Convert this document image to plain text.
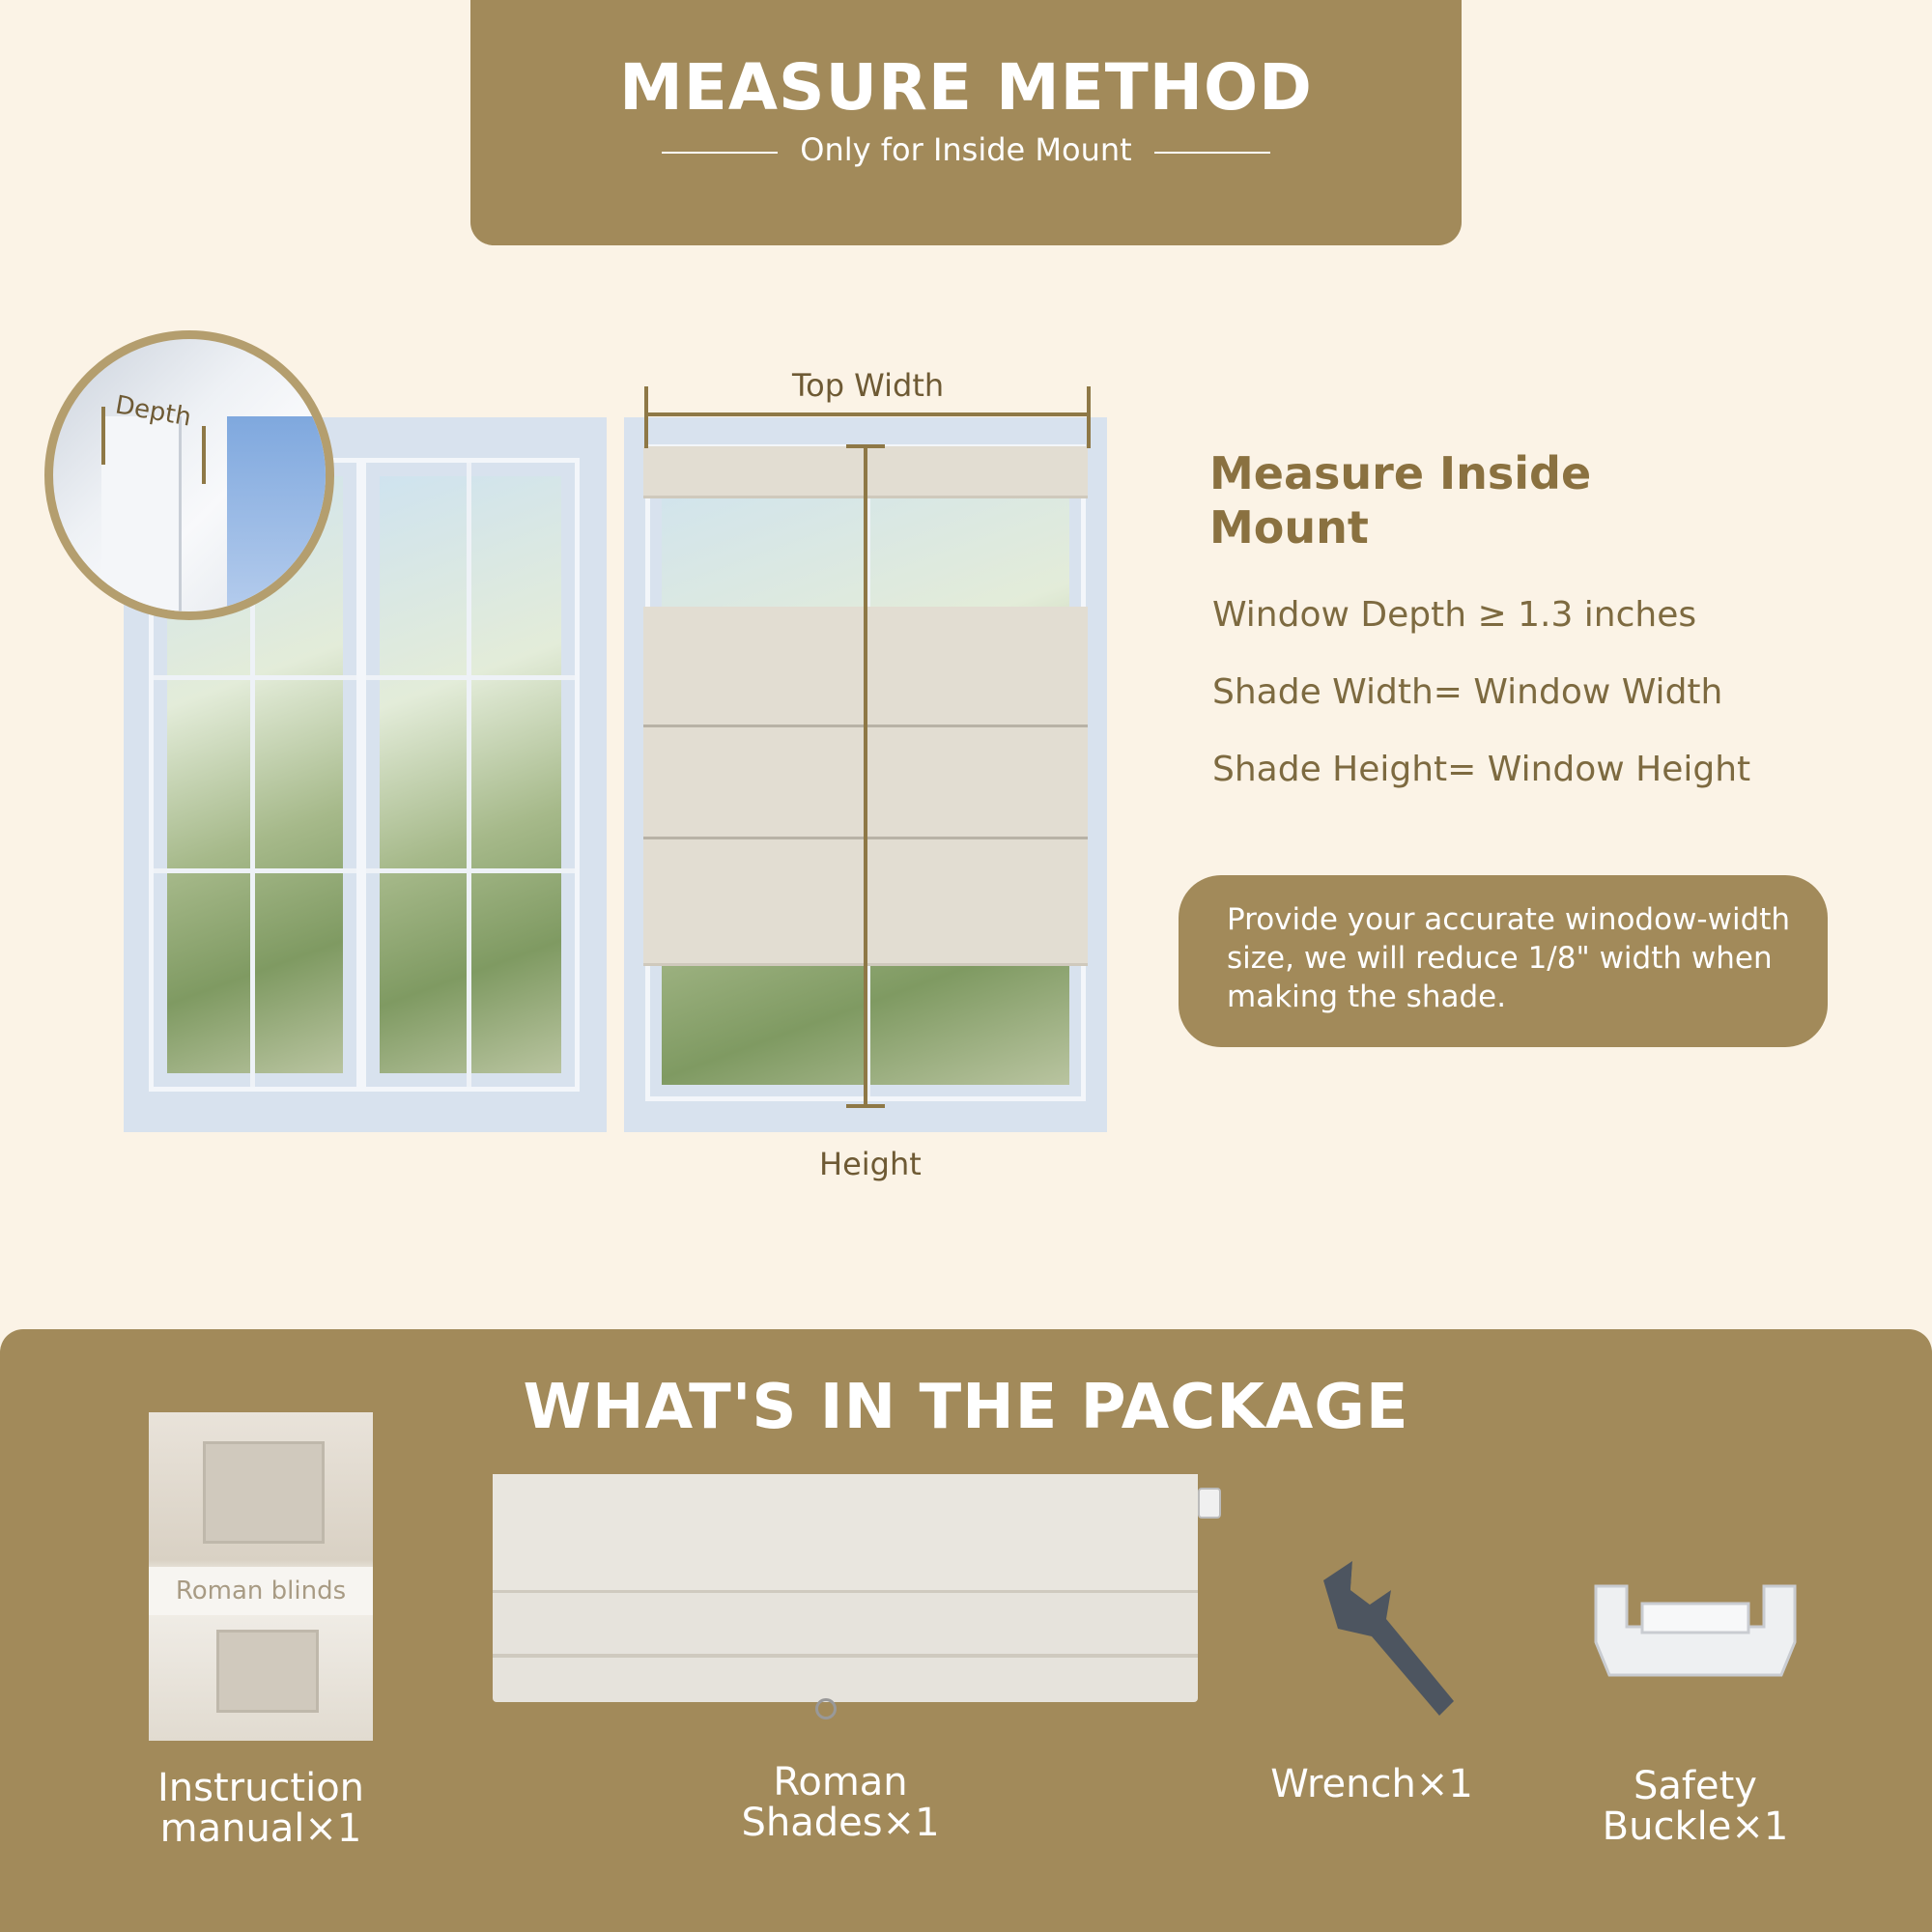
MEASURE METHOD
Only for Inside Mount
Depth
Top Width
Height
Measure Inside Mount
Window Depth ≥ 1.3 inches
Shade Width= Window Width
Shade Height= Window Height
Provide your accurate winodow-width size, we will reduce 1/8" width when making the shade.
WHAT'S IN THE PACKAGE
Roman blinds
Instruction manual×1
Roman Shades×1
Wrench×1	Safety Buckle×1
